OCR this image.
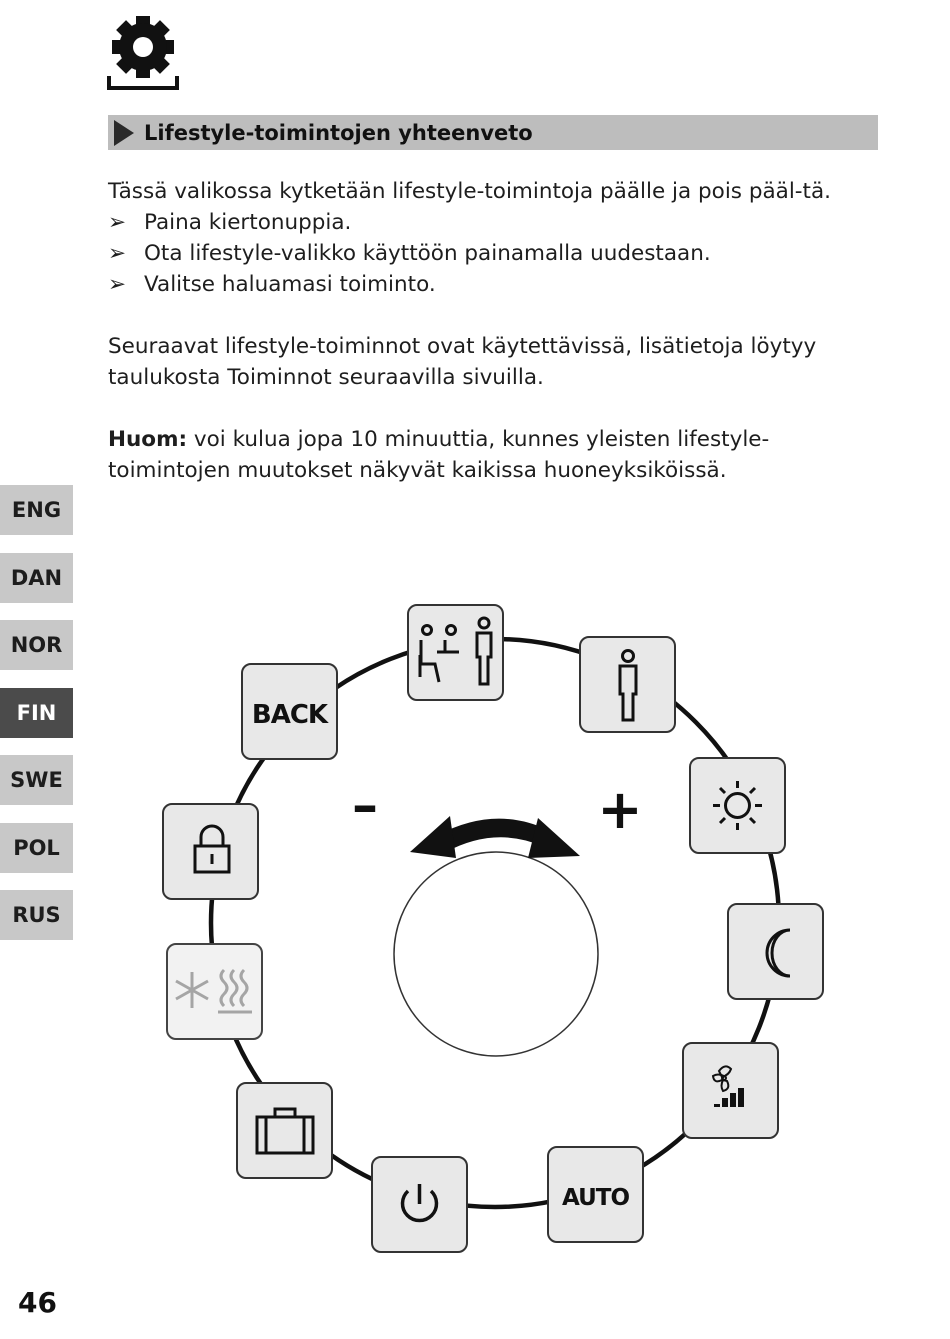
Lifestyle-toimintojen yhteenveto

Tässä valikossa kytketään lifestyle-toimintoja päälle ja pois pääl-tä.

➢ Paina kiertonuppia.
➢ Ota lifestyle-valikko käyttöön painamalla uudestaan.
➢ Valitse haluamasi toiminto.

Seuraavat lifestyle-toiminnot ovat käytettävissä, lisätietoja löytyy taulukosta Toiminnot seuraavilla sivuilla.

Huom: voi kulua jopa 10 minuuttia, kunnes yleisten lifestyle-toimintojen muutokset näkyvät kaikissa huoneyksiköissä.

ENG
DAN
NOR
FIN
SWE
POL
RUS
–	+
BACK
AUTO
46
